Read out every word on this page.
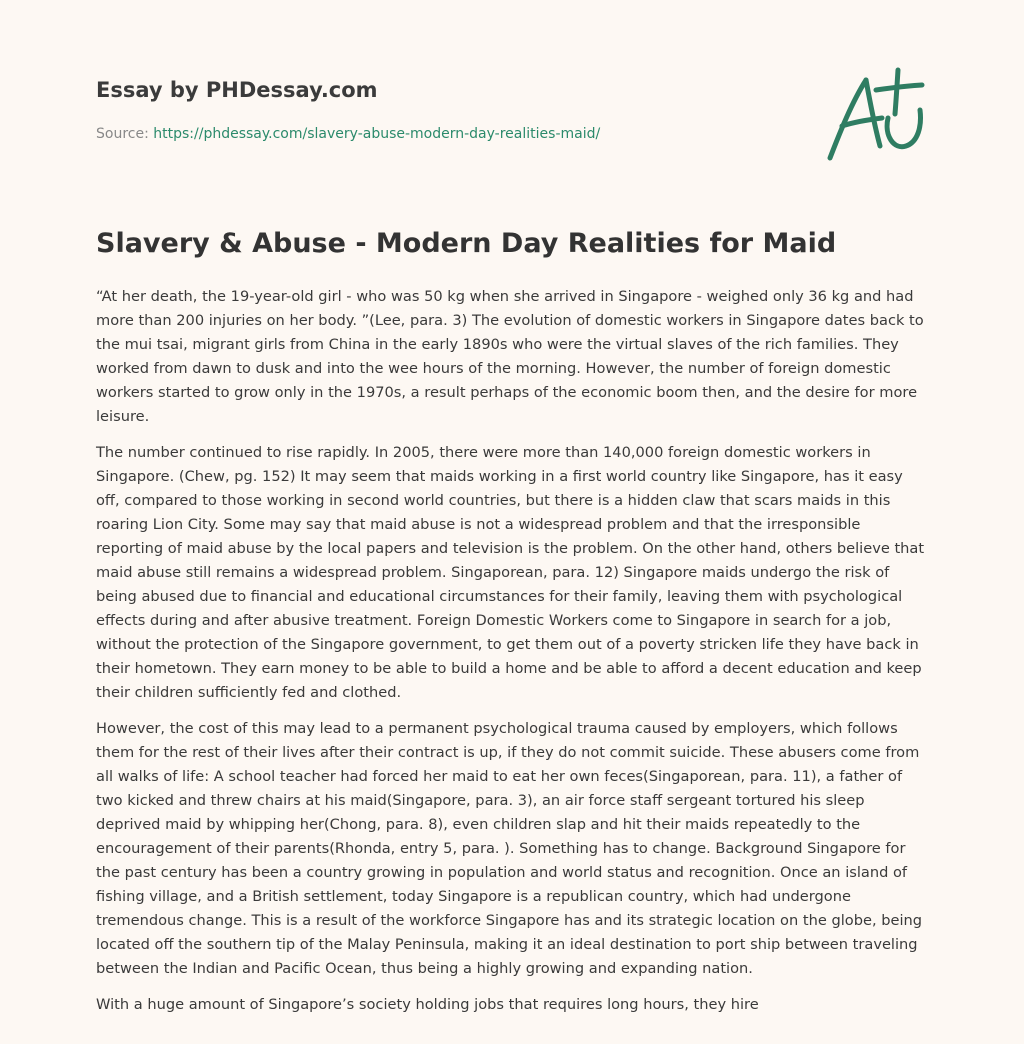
Essay by PHDessay.com
Source: https://phdessay.com/slavery-abuse-modern-day-realities-maid/
Slavery & Abuse - Modern Day Realities for Maid

“At her death, the 19-year-old girl - who was 50 kg when she arrived in Singapore - weighed only 36 kg and had more than 200 injuries on her body. ”(Lee, para. 3) The evolution of domestic workers in Singapore dates back to the mui tsai, migrant girls from China in the early 1890s who were the virtual slaves of the rich families. They worked from dawn to dusk and into the wee hours of the morning. However, the number of foreign domestic workers started to grow only in the 1970s, a result perhaps of the economic boom then, and the desire for more leisure.

The number continued to rise rapidly. In 2005, there were more than 140,000 foreign domestic workers in Singapore. (Chew, pg. 152) It may seem that maids working in a first world country like Singapore, has it easy off, compared to those working in second world countries, but there is a hidden claw that scars maids in this roaring Lion City. Some may say that maid abuse is not a widespread problem and that the irresponsible reporting of maid abuse by the local papers and television is the problem. On the other hand, others believe that maid abuse still remains a widespread problem. Singaporean, para. 12) Singapore maids undergo the risk of being abused due to financial and educational circumstances for their family, leaving them with psychological effects during and after abusive treatment. Foreign Domestic Workers come to Singapore in search for a job, without the protection of the Singapore government, to get them out of a poverty stricken life they have back in their hometown. They earn money to be able to build a home and be able to afford a decent education and keep their children sufficiently fed and clothed.

However, the cost of this may lead to a permanent psychological trauma caused by employers, which follows them for the rest of their lives after their contract is up, if they do not commit suicide. These abusers come from all walks of life: A school teacher had forced her maid to eat her own feces(Singaporean, para. 11), a father of two kicked and threw chairs at his maid(Singapore, para. 3), an air force staff sergeant tortured his sleep deprived maid by whipping her(Chong, para. 8), even children slap and hit their maids repeatedly to the encouragement of their parents(Rhonda, entry 5, para. ). Something has to change. Background Singapore for the past century has been a country growing in population and world status and recognition. Once an island of fishing village, and a British settlement, today Singapore is a republican country, which had undergone tremendous change. This is a result of the workforce Singapore has and its strategic location on the globe, being located off the southern tip of the Malay Peninsula, making it an ideal destination to port ship between traveling between the Indian and Pacific Ocean, thus being a highly growing and expanding nation.

With a huge amount of Singapore’s society holding jobs that requires long hours, they hire
